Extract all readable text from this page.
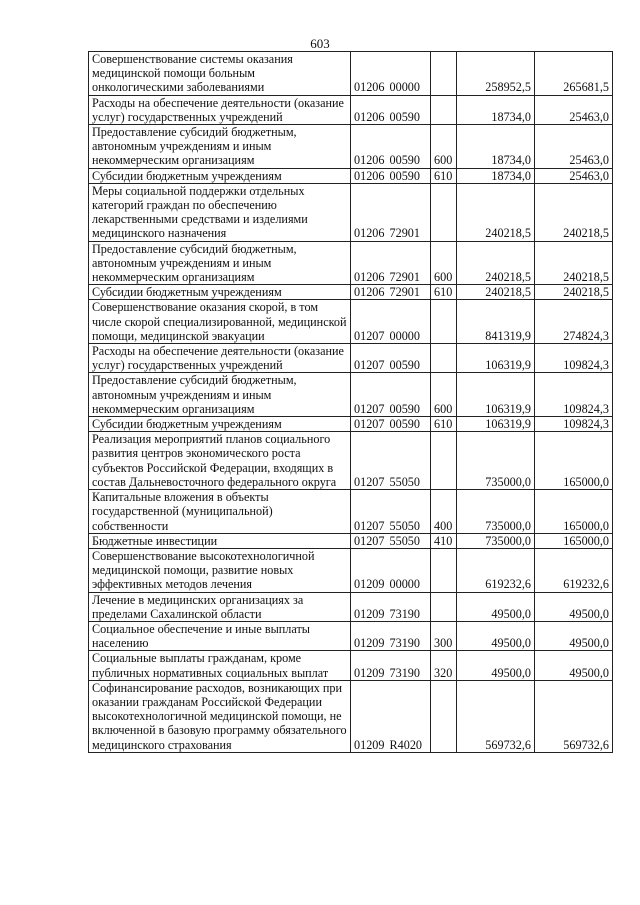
603
Совершенствование системы оказания медицинской помощи больным онкологическими заболеваниями	01206 00000		258952,5	265681,5
Расходы на обеспечение деятельности (оказание услуг) государственных учреждений	01206 00590		18734,0	25463,0
Предоставление субсидий бюджетным, автономным учреждениям и иным некоммерческим организациям	01206 00590	600	18734,0	25463,0
Субсидии бюджетным учреждениям	01206 00590	610	18734,0	25463,0
Меры социальной поддержки отдельных категорий граждан по обеспечению лекарственными средствами и изделиями медицинского назначения	01206 72901		240218,5	240218,5
Предоставление субсидий бюджетным, автономным учреждениям и иным некоммерческим организациям	01206 72901	600	240218,5	240218,5
Субсидии бюджетным учреждениям	01206 72901	610	240218,5	240218,5
Совершенствование оказания скорой, в том числе скорой специализированной, медицинской помощи, медицинской эвакуации	01207 00000		841319,9	274824,3
Расходы на обеспечение деятельности (оказание услуг) государственных учреждений	01207 00590		106319,9	109824,3
Предоставление субсидий бюджетным, автономным учреждениям и иным некоммерческим организациям	01207 00590	600	106319,9	109824,3
Субсидии бюджетным учреждениям	01207 00590	610	106319,9	109824,3
Реализация мероприятий планов социального развития центров экономического роста субъектов Российской Федерации, входящих в состав Дальневосточного федерального округа	01207 55050		735000,0	165000,0
Капитальные вложения в объекты государственной (муниципальной) собственности	01207 55050	400	735000,0	165000,0
Бюджетные инвестиции	01207 55050	410	735000,0	165000,0
Совершенствование высокотехнологичной медицинской помощи, развитие новых эффективных методов лечения	01209 00000		619232,6	619232,6
Лечение в медицинских организациях за пределами Сахалинской области	01209 73190		49500,0	49500,0
Социальное обеспечение и иные выплаты населению	01209 73190	300	49500,0	49500,0
Социальные выплаты гражданам, кроме публичных нормативных социальных выплат	01209 73190	320	49500,0	49500,0
Софинансирование расходов, возникающих при оказании гражданам Российской Федерации высокотехнологичной медицинской помощи, не включенной в базовую программу обязательного медицинского страхования	01209 R4020		569732,6	569732,6
